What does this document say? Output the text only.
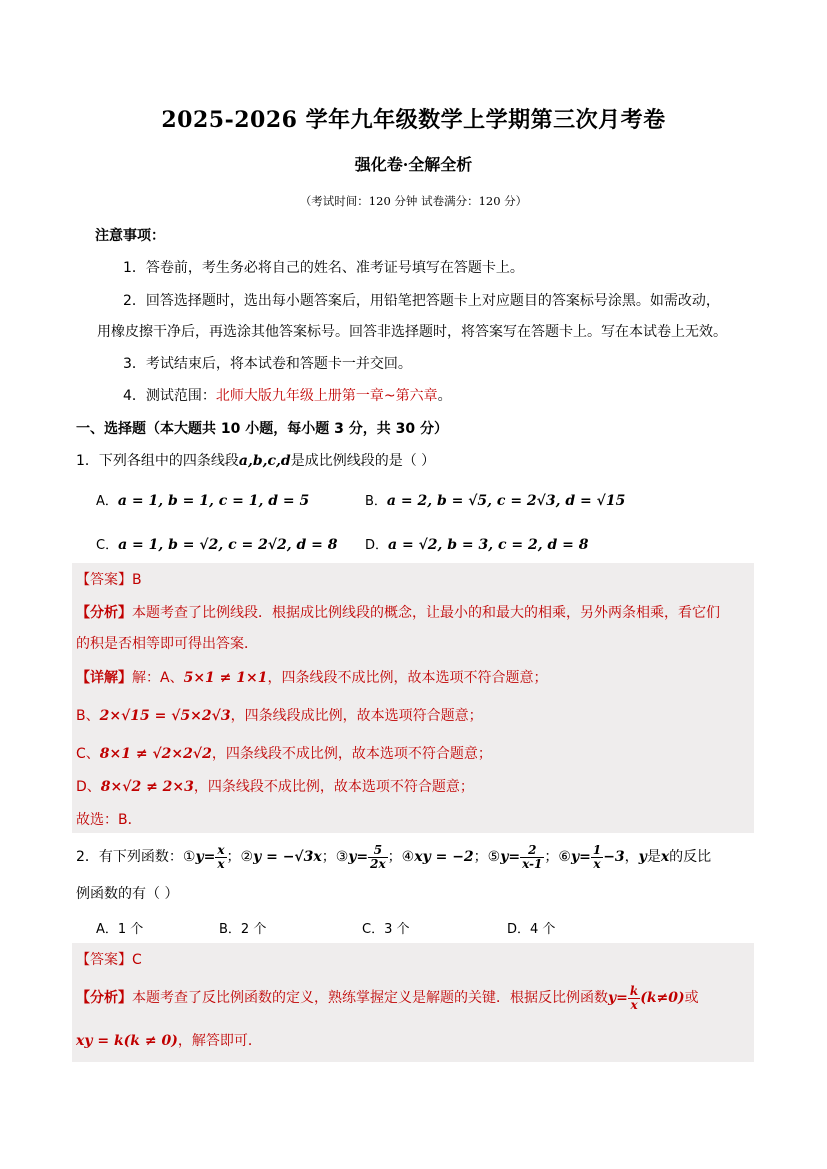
2025-2026 学年九年级数学上学期第三次月考卷
强化卷·全解全析
（考试时间：120 分钟 试卷满分：120 分）
注意事项：
1．答卷前，考生务必将自己的姓名、准考证号填写在答题卡上。
2．回答选择题时，选出每小题答案后，用铅笔把答题卡上对应题目的答案标号涂黑。如需改动，
用橡皮擦干净后，再选涂其他答案标号。回答非选择题时，将答案写在答题卡上。写在本试卷上无效。
3．考试结束后，将本试卷和答题卡一并交回。
4．测试范围：北师大版九年级上册第一章~第六章。
一、选择题（本大题共 10 小题，每小题 3 分，共 30 分）
1．下列各组中的四条线段a,b,c,d是成比例线段的是（ ）
A．a = 1, b = 1, c = 1, d = 5	B．a = 2, b = √5, c = 2√3, d = √15
C．a = 1, b = √2, c = 2√2, d = 8 D．a = √2, b = 3, c = 2, d = 8
【答案】B
【分析】本题考查了比例线段．根据成比例线段的概念，让最小的和最大的相乘，另外两条相乘，看它们
的积是否相等即可得出答案．
【详解】解：A、5×1 ≠ 1×1，四条线段不成比例，故本选项不符合题意；
B、2×√15 = √5×2√3，四条线段成比例，故本选项符合题意；
C、8×1 ≠ √2×2√2，四条线段不成比例，故本选项不符合题意；
D、8×√2 ≠ 2×3，四条线段不成比例，故本选项不符合题意；
故选：B．
2．有下列函数：①y= $\frac{x}{x}$ ；②y = −√3x；③y= $\frac{5}{2x}$ ；④xy = −2；⑤y= $\frac{2}{x-1}$ ；⑥y= $\frac{1}{x} -3$，y是x的反比
例函数的有（ ）
A．1 个	B．2 个	C．3 个	D．4 个
【答案】C
【分析】本题考查了反比例函数的定义，熟练掌握定义是解题的关键．根据反比例函数$y= \frac{k}{x} (k\ne 0)$或
xy = k(k ≠ 0)，解答即可．
